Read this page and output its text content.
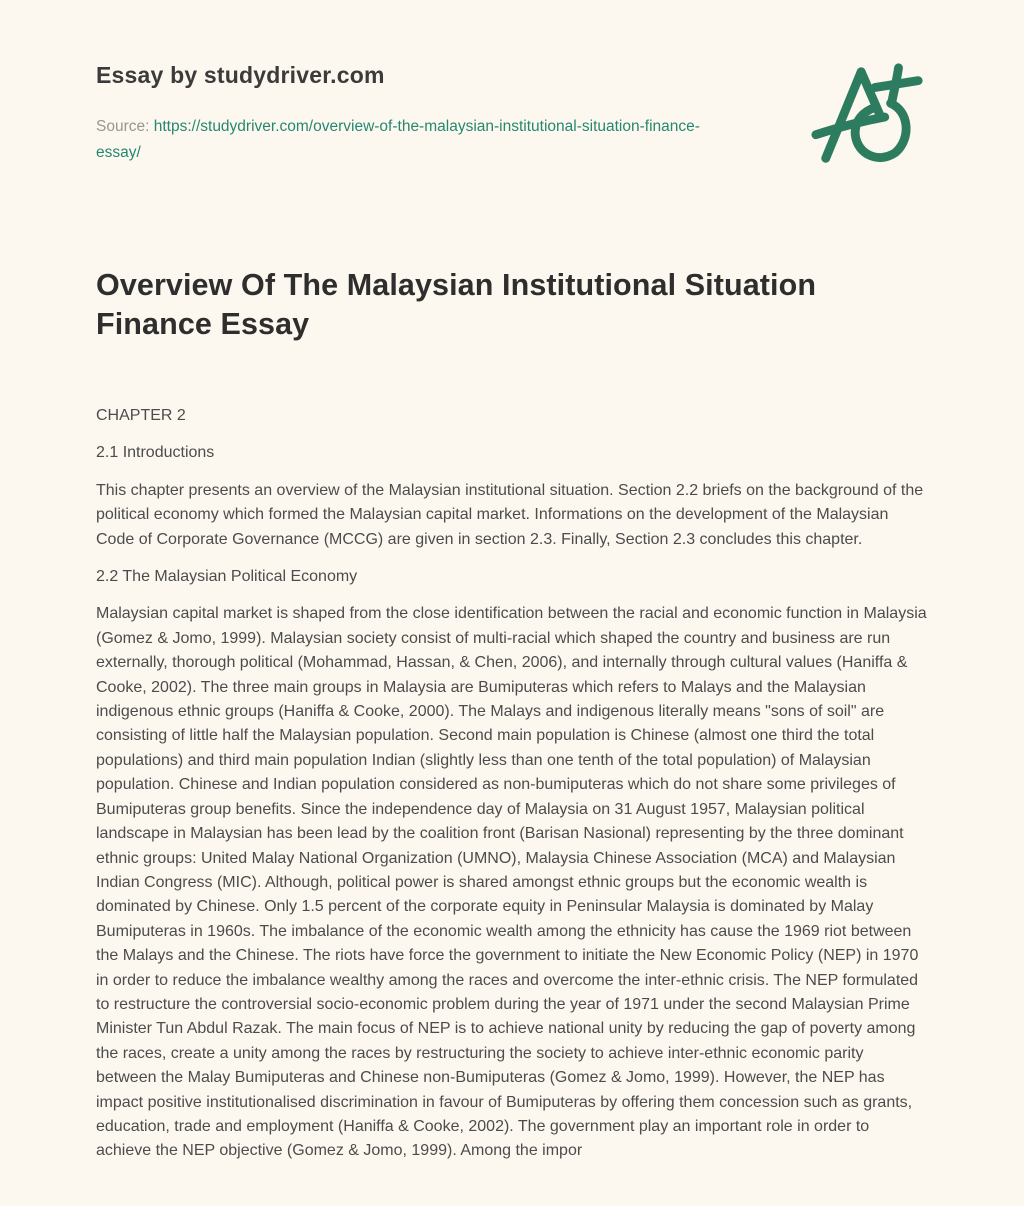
Essay by studydriver.com

Source: https://studydriver.com/overview-of-the-malaysian-institutional-situation-finance-essay/

Overview Of The Malaysian Institutional Situation Finance Essay

CHAPTER 2

2.1 Introductions

This chapter presents an overview of the Malaysian institutional situation. Section 2.2 briefs on the background of the political economy which formed the Malaysian capital market. Informations on the development of the Malaysian Code of Corporate Governance (MCCG) are given in section 2.3. Finally, Section 2.3 concludes this chapter.

2.2 The Malaysian Political Economy

Malaysian capital market is shaped from the close identification between the racial and economic function in Malaysia (Gomez & Jomo, 1999). Malaysian society consist of multi-racial which shaped the country and business are run externally, thorough political (Mohammad, Hassan, & Chen, 2006), and internally through cultural values (Haniffa & Cooke, 2002). The three main groups in Malaysia are Bumiputeras which refers to Malays and the Malaysian indigenous ethnic groups (Haniffa & Cooke, 2000). The Malays and indigenous literally means "sons of soil" are consisting of little half the Malaysian population. Second main population is Chinese (almost one third the total populations) and third main population Indian (slightly less than one tenth of the total population) of Malaysian population. Chinese and Indian population considered as non-bumiputeras which do not share some privileges of Bumiputeras group benefits. Since the independence day of Malaysia on 31 August 1957, Malaysian political landscape in Malaysian has been lead by the coalition front (Barisan Nasional) representing by the three dominant ethnic groups: United Malay National Organization (UMNO), Malaysia Chinese Association (MCA) and Malaysian Indian Congress (MIC). Although, political power is shared amongst ethnic groups but the economic wealth is dominated by Chinese. Only 1.5 percent of the corporate equity in Peninsular Malaysia is dominated by Malay Bumiputeras in 1960s. The imbalance of the economic wealth among the ethnicity has cause the 1969 riot between the Malays and the Chinese. The riots have force the government to initiate the New Economic Policy (NEP) in 1970 in order to reduce the imbalance wealthy among the races and overcome the inter-ethnic crisis. The NEP formulated to restructure the controversial socio-economic problem during the year of 1971 under the second Malaysian Prime Minister Tun Abdul Razak. The main focus of NEP is to achieve national unity by reducing the gap of poverty among the races, create a unity among the races by restructuring the society to achieve inter-ethnic economic parity between the Malay Bumiputeras and Chinese non-Bumiputeras (Gomez & Jomo, 1999). However, the NEP has impact positive institutionalised discrimination in favour of Bumiputeras by offering them concession such as grants, education, trade and employment (Haniffa & Cooke, 2002). The government play an important role in order to achieve the NEP objective (Gomez & Jomo, 1999). Among the impor
